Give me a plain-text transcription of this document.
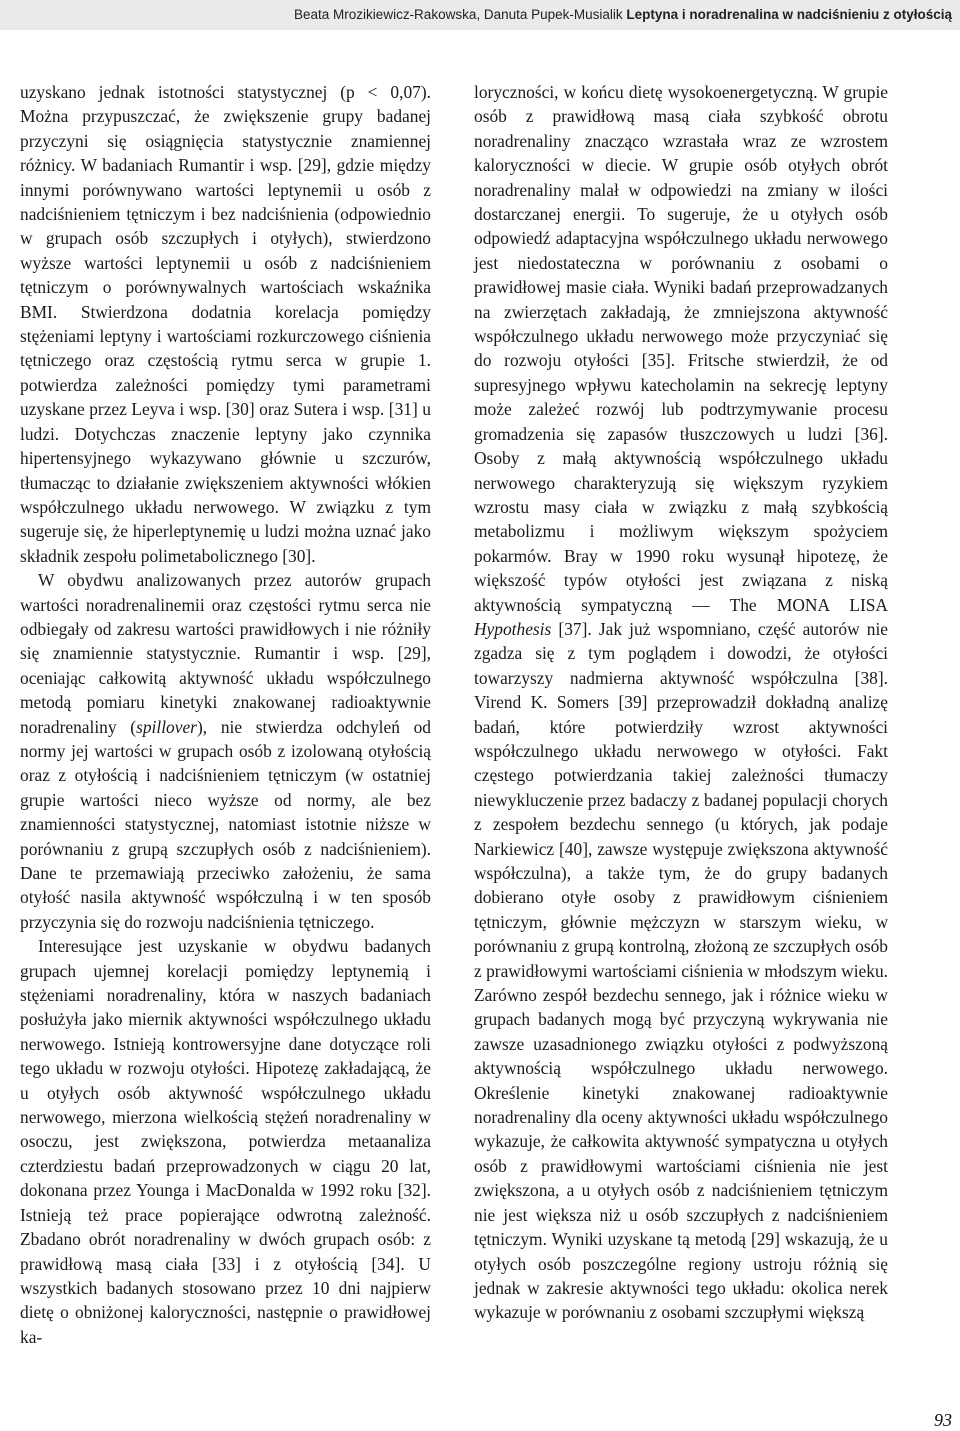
Beata Mrozikiewicz-Rakowska, Danuta Pupek-Musialik Leptyna i noradrenalina w nadciśnieniu z otyłością

uzyskano jednak istotności statystycznej (p < 0,07). Można przypuszczać, że zwiększenie grupy badanej przyczyni się osiągnięcia statystycznie znamiennej różnicy. W badaniach Rumantir i wsp. [29], gdzie między innymi porównywano wartości leptynemii u osób z nadciśnieniem tętniczym i bez nadciśnienia (odpowiednio w grupach osób szczupłych i otyłych), stwierdzono wyższe wartości leptynemii u osób z nadciśnieniem tętniczym o porównywalnych wartościach wskaźnika BMI. Stwierdzona dodatnia korelacja pomiędzy stężeniami leptyny i wartościami rozkurczowego ciśnienia tętniczego oraz częstością rytmu serca w grupie 1. potwierdza zależności pomiędzy tymi parametrami uzyskane przez Leyva i wsp. [30] oraz Sutera i wsp. [31] u ludzi. Dotychczas znaczenie leptyny jako czynnika hipertensyjnego wykazywano głównie u szczurów, tłumacząc to działanie zwiększeniem aktywności włókien współczulnego układu nerwowego. W związku z tym sugeruje się, że hiperleptynemię u ludzi można uznać jako składnik zespołu polimetabolicznego [30].

W obydwu analizowanych przez autorów grupach wartości noradrenalinemii oraz częstości rytmu serca nie odbiegały od zakresu wartości prawidłowych i nie różniły się znamiennie statystycznie. Rumantir i wsp. [29], oceniając całkowitą aktywność układu współczulnego metodą pomiaru kinetyki znakowanej radioaktywnie noradrenaliny (spillover), nie stwierdza odchyleń od normy jej wartości w grupach osób z izolowaną otyłością oraz z otyłością i nadciśnieniem tętniczym (w ostatniej grupie wartości nieco wyższe od normy, ale bez znamienności statystycznej, natomiast istotnie niższe w porównaniu z grupą szczupłych osób z nadciśnieniem). Dane te przemawiają przeciwko założeniu, że sama otyłość nasila aktywność współczulną i w ten sposób przyczynia się do rozwoju nadciśnienia tętniczego.

Interesujące jest uzyskanie w obydwu badanych grupach ujemnej korelacji pomiędzy leptynemią i stężeniami noradrenaliny, która w naszych badaniach posłużyła jako miernik aktywności współczulnego układu nerwowego. Istnieją kontrowersyjne dane dotyczące roli tego układu w rozwoju otyłości. Hipotezę zakładającą, że u otyłych osób aktywność współczulnego układu nerwowego, mierzona wielkością stężeń noradrenaliny w osoczu, jest zwiększona, potwierdza metaanaliza czterdziestu badań przeprowadzonych w ciągu 20 lat, dokonana przez Younga i MacDonalda w 1992 roku [32]. Istnieją też prace popierające odwrotną zależność. Zbadano obrót noradrenaliny w dwóch grupach osób: z prawidłową masą ciała [33] i z otyłością [34]. U wszystkich badanych stosowano przez 10 dni najpierw dietę o obniżonej kaloryczności, następnie o prawidłowej ka-

loryczności, w końcu dietę wysokoenergetyczną. W grupie osób z prawidłową masą ciała szybkość obrotu noradrenaliny znacząco wzrastała wraz ze wzrostem kaloryczności w diecie. W grupie osób otyłych obrót noradrenaliny malał w odpowiedzi na zmiany w ilości dostarczanej energii. To sugeruje, że u otyłych osób odpowiedź adaptacyjna współczulnego układu nerwowego jest niedostateczna w porównaniu z osobami o prawidłowej masie ciała. Wyniki badań przeprowadzanych na zwierzętach zakładają, że zmniejszona aktywność współczulnego układu nerwowego może przyczyniać się do rozwoju otyłości [35]. Fritsche stwierdził, że od supresyjnego wpływu katecholamin na sekrecję leptyny może zależeć rozwój lub podtrzymywanie procesu gromadzenia się zapasów tłuszczowych u ludzi [36]. Osoby z małą aktywnością współczulnego układu nerwowego charakteryzują się większym ryzykiem wzrostu masy ciała w związku z małą szybkością metabolizmu i możliwym większym spożyciem pokarmów. Bray w 1990 roku wysunął hipotezę, że większość typów otyłości jest związana z niską aktywnością sympatyczną — The MONA LISA Hypothesis [37]. Jak już wspomniano, część autorów nie zgadza się z tym poglądem i dowodzi, że otyłości towarzyszy nadmierna aktywność współczulna [38]. Virend K. Somers [39] przeprowadził dokładną analizę badań, które potwierdziły wzrost aktywności współczulnego układu nerwowego w otyłości. Fakt częstego potwierdzania takiej zależności tłumaczy niewykluczenie przez badaczy z badanej populacji chorych z zespołem bezdechu sennego (u których, jak podaje Narkiewicz [40], zawsze występuje zwiększona aktywność współczulna), a także tym, że do grupy badanych dobierano otyłe osoby z prawidłowym ciśnieniem tętniczym, głównie mężczyzn w starszym wieku, w porównaniu z grupą kontrolną, złożoną ze szczupłych osób z prawidłowymi wartościami ciśnienia w młodszym wieku. Zarówno zespół bezdechu sennego, jak i różnice wieku w grupach badanych mogą być przyczyną wykrywania nie zawsze uzasadnionego związku otyłości z podwyższoną aktywnością współczulnego układu nerwowego. Określenie kinetyki znakowanej radioaktywnie noradrenaliny dla oceny aktywności układu współczulnego wykazuje, że całkowita aktywność sympatyczna u otyłych osób z prawidłowymi wartościami ciśnienia nie jest zwiększona, a u otyłych osób z nadciśnieniem tętniczym nie jest większa niż u osób szczupłych z nadciśnieniem tętniczym. Wyniki uzyskane tą metodą [29] wskazują, że u otyłych osób poszczególne regiony ustroju różnią się jednak w zakresie aktywności tego układu: okolica nerek wykazuje w porównaniu z osobami szczupłymi większą

93
